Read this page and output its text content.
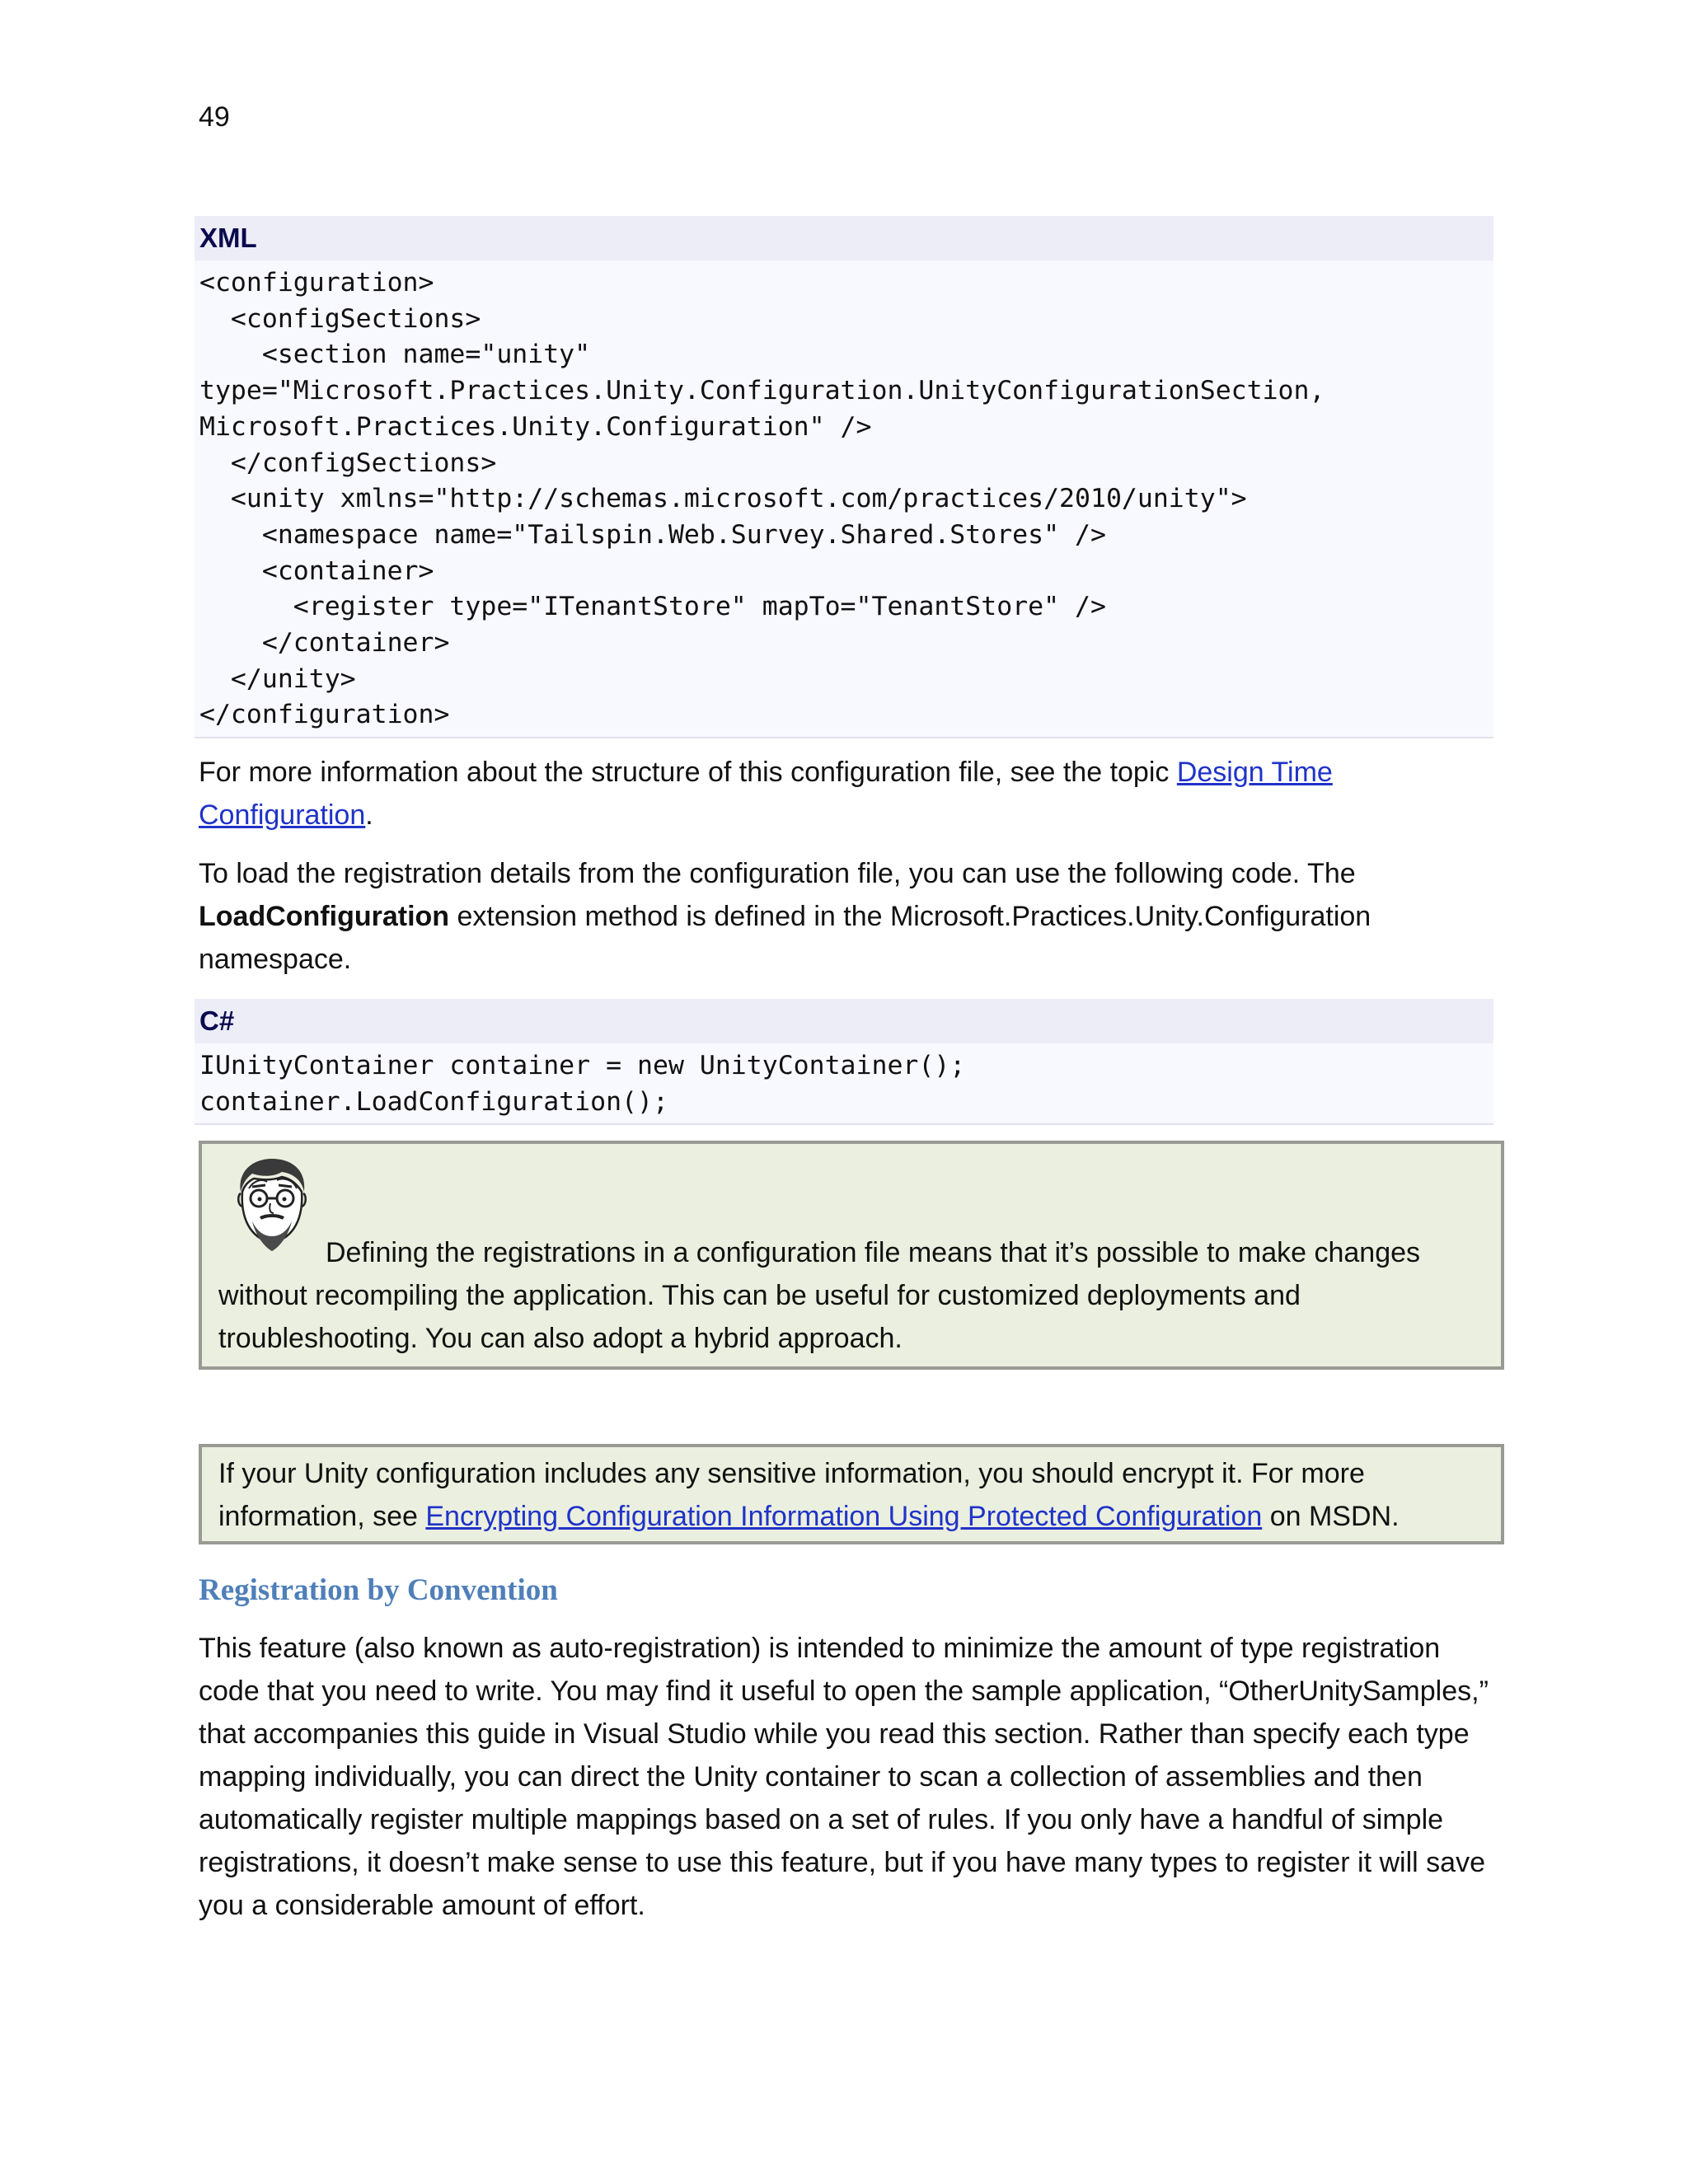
49
XML
<configuration>
<configSections>
<section name="unity"
type="Microsoft.Practices.Unity.Configuration.UnityConfigurationSection,
Microsoft.Practices.Unity.Configuration" />
</configSections>
<unity xmlns="http://schemas.microsoft.com/practices/2010/unity">
<namespace name="Tailspin.Web.Survey.Shared.Stores" />
<container>
<register type="ITenantStore" mapTo="TenantStore" />
</container>
</unity>
</configuration>

For more information about the structure of this configuration file, see the topic Design Time Configuration.

To load the registration details from the configuration file, you can use the following code. The LoadConfiguration extension method is defined in the Microsoft.Practices.Unity.Configuration namespace.

C#
IUnityContainer container = new UnityContainer();
container.LoadConfiguration();
Defining the registrations in a configuration file means that it’s possible to make changes without recompiling the application. This can be useful for customized deployments and troubleshooting. You can also adopt a hybrid approach.
If your Unity configuration includes any sensitive information, you should encrypt it. For more information, see Encrypting Configuration Information Using Protected Configuration on MSDN.
Registration by Convention

This feature (also known as auto-registration) is intended to minimize the amount of type registration code that you need to write. You may find it useful to open the sample application, “OtherUnitySamples,” that accompanies this guide in Visual Studio while you read this section. Rather than specify each type mapping individually, you can direct the Unity container to scan a collection of assemblies and then automatically register multiple mappings based on a set of rules. If you only have a handful of simple registrations, it doesn’t make sense to use this feature, but if you have many types to register it will save you a considerable amount of effort.
